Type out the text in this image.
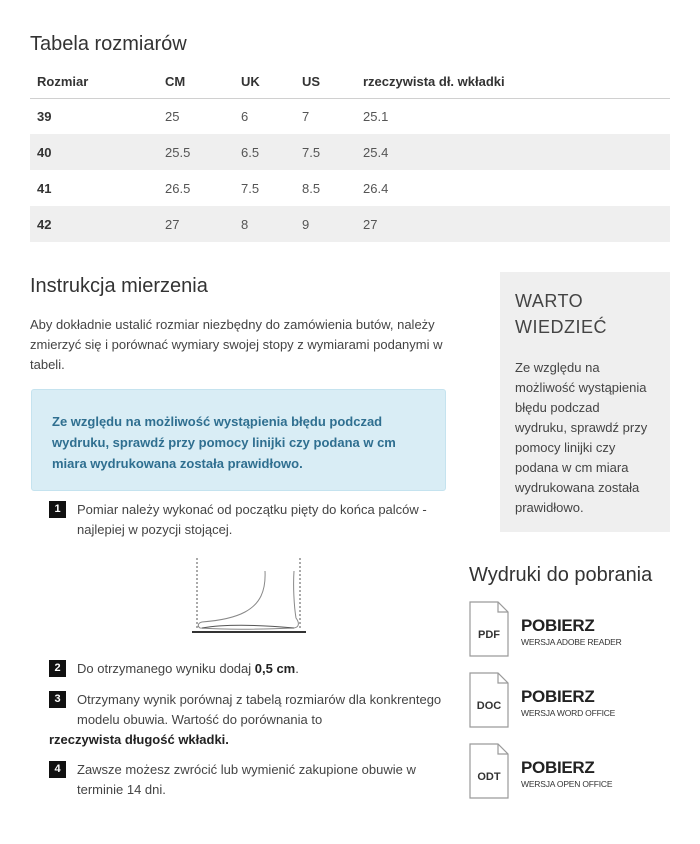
Tabela rozmiarów
Rozmiar	CM	UK	US	rzeczywista dł. wkładki
39	25	6	7	25.1
40	25.5	6.5	7.5	25.4
41	26.5	7.5	8.5	26.4
42	27	8	9	27
Instrukcja mierzenia

Aby dokładnie ustalić rozmiar niezbędny do zamówienia butów, należy zmierzyć się i porównać wymiary swojej stopy z wymiarami podanymi w tabeli.

Ze względu na możliwość wystąpienia błędu podczad wydruku, sprawdź przy pomocy linijki czy podana w cm miara wydrukowana została prawidłowo.
1	Pomiar należy wykonać od początku pięty do końca palców - najlepiej w pozycji stojącej.
2	Do otrzymanego wyniku dodaj 0,5 cm.
3	Otrzymany wynik porównaj z tabelą rozmiarów dla konkrentego modelu obuwia. Wartość do porównania to
rzeczywista długość wkładki.
4	Zawsze możesz zwrócić lub wymienić zakupione obuwie w terminie 14 dni.
WARTO
WIEDZIEĆ

Ze względu na możliwość wystąpienia błędu podczad wydruku, sprawdź przy pomocy linijki czy podana w cm miara wydrukowana została prawidłowo.

Wydruki do pobrania
PDF POBIERZ
WERSJA ADOBE READER
DOC POBIERZ
WERSJA WORD OFFICE
ODT POBIERZ
WERSJA OPEN OFFICE
